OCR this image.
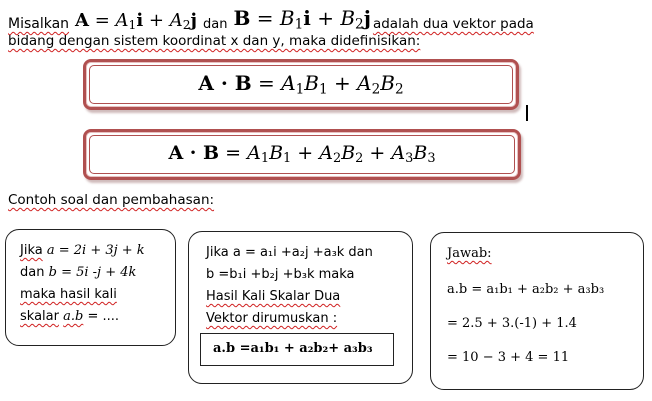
Misalkan $A = A_1i + A_2j$ dan $B = B_1i + B_2j$ adalah dua vektor pada
bidang dengan sistem koordinat x dan y, maka didefinisikan:
$A \cdot B = A_1B_1 + A_2B_2$
$A \cdot B = A_1B_1 + A_2B_2 + A_3B_3$
Contoh soal dan pembahasan:
Jika a = 2i + 3j + k
dan b = 5i -j + 4k
maka hasil kali
skalar a.b = ....
Jika a = a₁i +a₂j +a₃k dan
b =b₁i +b₂j +b₃k maka
Hasil Kali Skalar Dua
Vektor dirumuskan :
a.b =a₁b₁ + a₂b₂+ a₃b₃
Jawab:
a.b = a₁b₁ + a₂b₂ + a₃b₃
= 2.5 + 3.(-1) + 1.4
= 10 − 3 + 4 = 11
